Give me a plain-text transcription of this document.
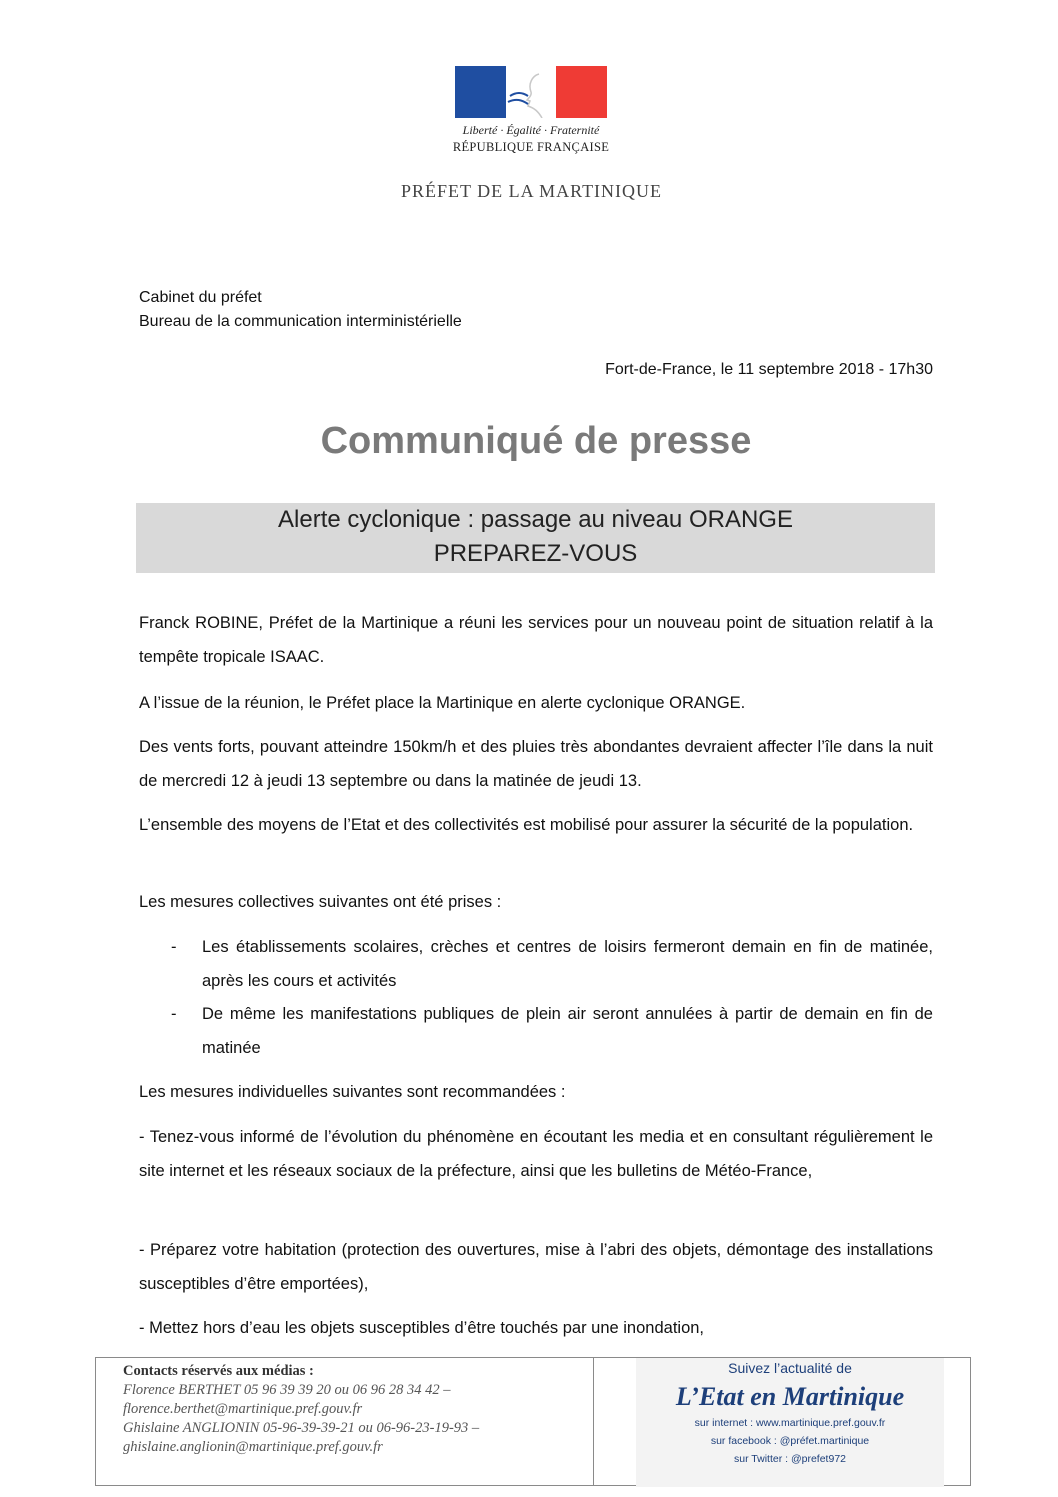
Liberté · Égalité · Fraternité
RÉPUBLIQUE FRANÇAISE
PRÉFET DE LA MARTINIQUE
Cabinet du préfet
Bureau de la communication interministérielle
Fort-de-France, le 11 septembre 2018 - 17h30
Communiqué de presse
Alerte cyclonique : passage au niveau ORANGE
PREPAREZ-VOUS

Franck ROBINE, Préfet de la Martinique a réuni les services pour un nouveau point de situation relatif à la tempête tropicale ISAAC.

A l’issue de la réunion, le Préfet place la Martinique en alerte cyclonique ORANGE.

Des vents forts, pouvant atteindre 150km/h et des pluies très abondantes devraient affecter l’île dans la nuit de mercredi 12 à jeudi 13 septembre ou dans la matinée de jeudi 13.

L’ensemble des moyens de l’Etat et des collectivités est mobilisé pour assurer la sécurité de la population.

Les mesures collectives suivantes ont été prises :

- Les établissements scolaires, crèches et centres de loisirs fermeront demain en fin de matinée, après les cours et activités
- De même les manifestations publiques de plein air seront annulées à partir de demain en fin de matinée

Les mesures individuelles suivantes sont recommandées :

- Tenez-vous informé de l’évolution du phénomène en écoutant les media et en consultant régulièrement le site internet et les réseaux sociaux de la préfecture, ainsi que les bulletins de Météo-France,

- Préparez votre habitation (protection des ouvertures, mise à l’abri des objets, démontage des installations susceptibles d’être emportées),

- Mettez hors d’eau les objets susceptibles d’être touchés par une inondation,

Contacts réservés aux médias :
Florence BERTHET 05 96 39 39 20 ou 06 96 28 34 42 –
florence.berthet@martinique.pref.gouv.fr
Ghislaine ANGLIONIN 05-96-39-39-21 ou 06-96-23-19-93 –
ghislaine.anglionin@martinique.pref.gouv.fr
Suivez l’actualité de
L’Etat en Martinique
sur internet : www.martinique.pref.gouv.fr
sur facebook : @préfet.martinique
sur Twitter : @prefet972
